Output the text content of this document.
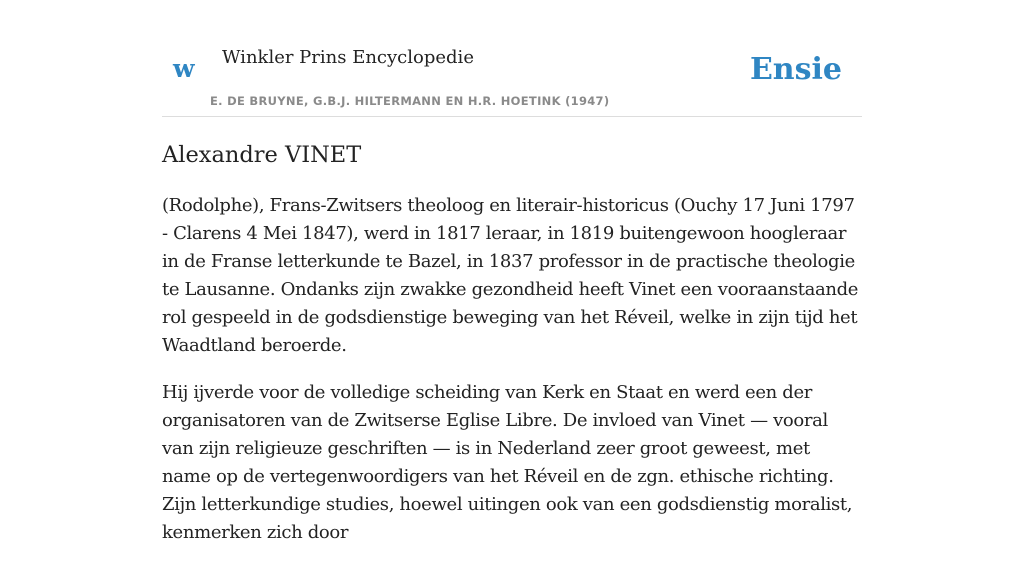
w Winkler Prins Encyclopedie
E. DE BRUYNE, G.B.J. HILTERMANN EN H.R. HOETINK (1947)
Ensie
Alexandre VINET

(Rodolphe), Frans-Zwitsers theoloog en literair-historicus (Ouchy 17 Juni 1797 - Clarens 4 Mei 1847), werd in 1817 leraar, in 1819 buitengewoon hoogleraar in de Franse letterkunde te Bazel, in 1837 professor in de practische theologie te Lausanne. Ondanks zijn zwakke gezondheid heeft Vinet een vooraanstaande rol gespeeld in de godsdienstige beweging van het Réveil, welke in zijn tijd het Waadtland beroerde.

Hij ijverde voor de volledige scheiding van Kerk en Staat en werd een der organisatoren van de Zwitserse Eglise Libre. De invloed van Vinet — vooral van zijn religieuze geschriften — is in Nederland zeer groot geweest, met name op de vertegenwoordigers van het Réveil en de zgn. ethische richting. Zijn letterkundige studies, hoewel uitingen ook van een godsdienstig moralist, kenmerken zich door
